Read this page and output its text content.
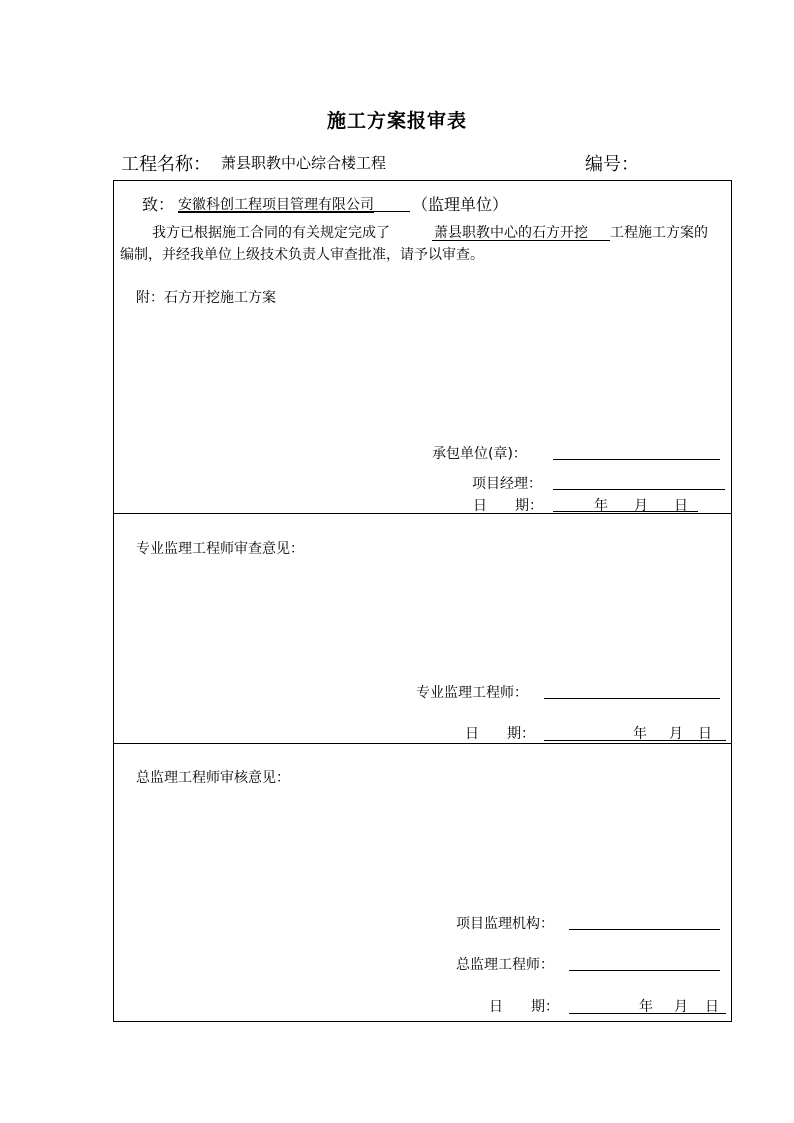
施工方案报审表
工程名称： 萧县职教中心综合楼工程	编号：
致： 安徽科创工程项目管理有限公司 （监理单位）
我方已根据施工合同的有关规定完成了	萧县职教中心的石方开挖 工程施工方案的
编制，并经我单位上级技术负责人审查批准，请予以审查。
附：石方开挖施工方案
承包单位(章)：
项目经理：
日　　期：	年 月 日
专业监理工程师审查意见：
专业监理工程师：
日　　期：	年 月 日
总监理工程师审核意见：
项目监理机构：
总监理工程师：
日　　期：	年 月 日
